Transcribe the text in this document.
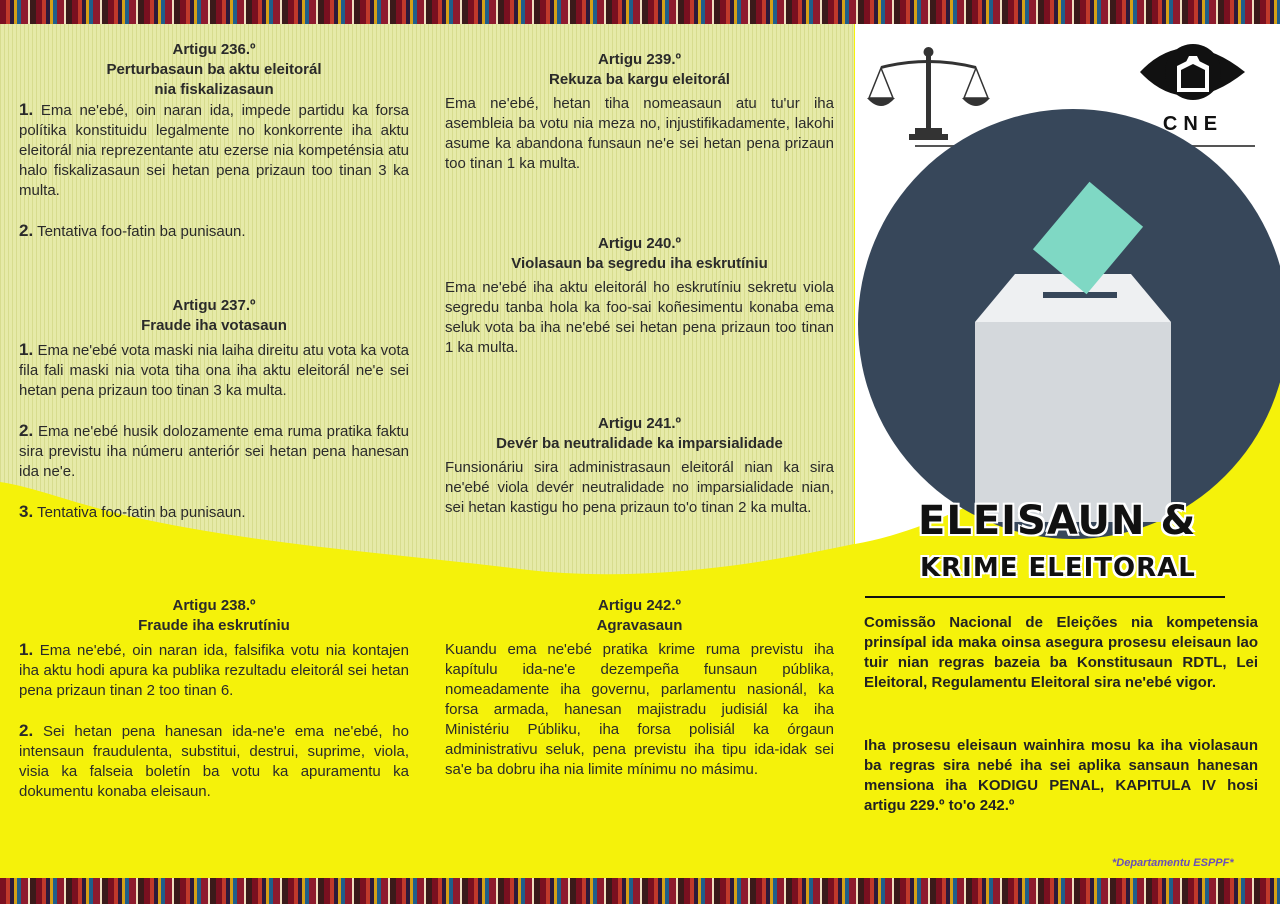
Artigu 236.º
Perturbasaun ba aktu eleitorál
nia fiskalizasaun

1. Ema ne'ebé, oin naran ida, impede partidu ka forsa polítika konstituidu legalmente no konkorrente iha aktu eleitorál nia reprezentante atu ezerse nia kompeténsia atu halo fiskalizasaun sei hetan pena prizaun too tinan 3 ka multa.

2. Tentativa foo-fatin ba punisaun.

Artigu 237.º
Fraude iha votasaun

1. Ema ne'ebé vota maski nia laiha direitu atu vota ka vota fila fali maski nia vota tiha ona iha aktu eleitorál ne'e sei hetan pena prizaun too tinan 3 ka multa.

2. Ema ne'ebé husik dolozamente ema ruma pratika faktu sira previstu iha númeru anteriór sei hetan pena hanesan ida ne'e.

3. Tentativa foo-fatin ba punisaun.

Artigu 238.º
Fraude iha eskrutíniu

1. Ema ne'ebé, oin naran ida, falsifika votu nia kontajen iha aktu hodi apura ka publika rezultadu eleitorál sei hetan pena prizaun tinan 2 too tinan 6.

2. Sei hetan pena hanesan ida-ne'e ema ne'ebé, ho intensaun fraudulenta, substitui, destrui, suprime, viola, visia ka falseia boletín ba votu ka apuramentu ka dokumentu konaba eleisaun.

Artigu 239.º
Rekuza ba kargu eleitorál

Ema ne'ebé, hetan tiha nomeasaun atu tu'ur iha asembleia ba votu nia meza no, injustifikadamente, lakohi asume ka abandona funsaun ne'e sei hetan pena prizaun too tinan 1 ka multa.

Artigu 240.º
Violasaun ba segredu iha eskrutíniu

Ema ne'ebé iha aktu eleitorál ho eskrutíniu sekretu viola segredu tanba hola ka foo-sai koñesimentu konaba ema seluk vota ba iha ne'ebé sei hetan pena prizaun too tinan 1 ka multa.

Artigu 241.º
Devér ba neutralidade ka imparsialidade

Funsionáriu sira administrasaun eleitorál nian ka sira ne'ebé viola devér neutralidade no imparsialidade nian, sei hetan kastigu ho pena prizaun to'o tinan 2 ka multa.

Artigu 242.º
Agravasaun

Kuandu ema ne'ebé pratika krime ruma previstu iha kapítulu ida-ne'e dezempeña funsaun públika, nomeadamente iha governu, parlamentu nasionál, ka forsa armada, hanesan majistradu judisiál ka iha Ministériu Públiku, iha forsa polisiál ka órgaun administrativu seluk, pena previstu iha tipu ida-idak sei sa'e ba dobru iha nia limite mínimu no másimu.

CNE
ELEISAUN &
KRIME ELEITORAL
Comissão Nacional de Eleições nia kompetensia prinsípal ida maka oinsa asegura prosesu eleisaun lao tuir nian regras bazeia ba Konstitusaun RDTL, Lei Eleitoral, Regulamentu Eleitoral sira ne'ebé vigor.
Iha prosesu eleisaun wainhira mosu ka iha violasaun ba regras sira nebé iha sei aplika sansaun hanesan mensiona iha KODIGU PENAL, KAPITULA IV hosi artigu 229.º to'o 242.º
*Departamentu ESPPF*
